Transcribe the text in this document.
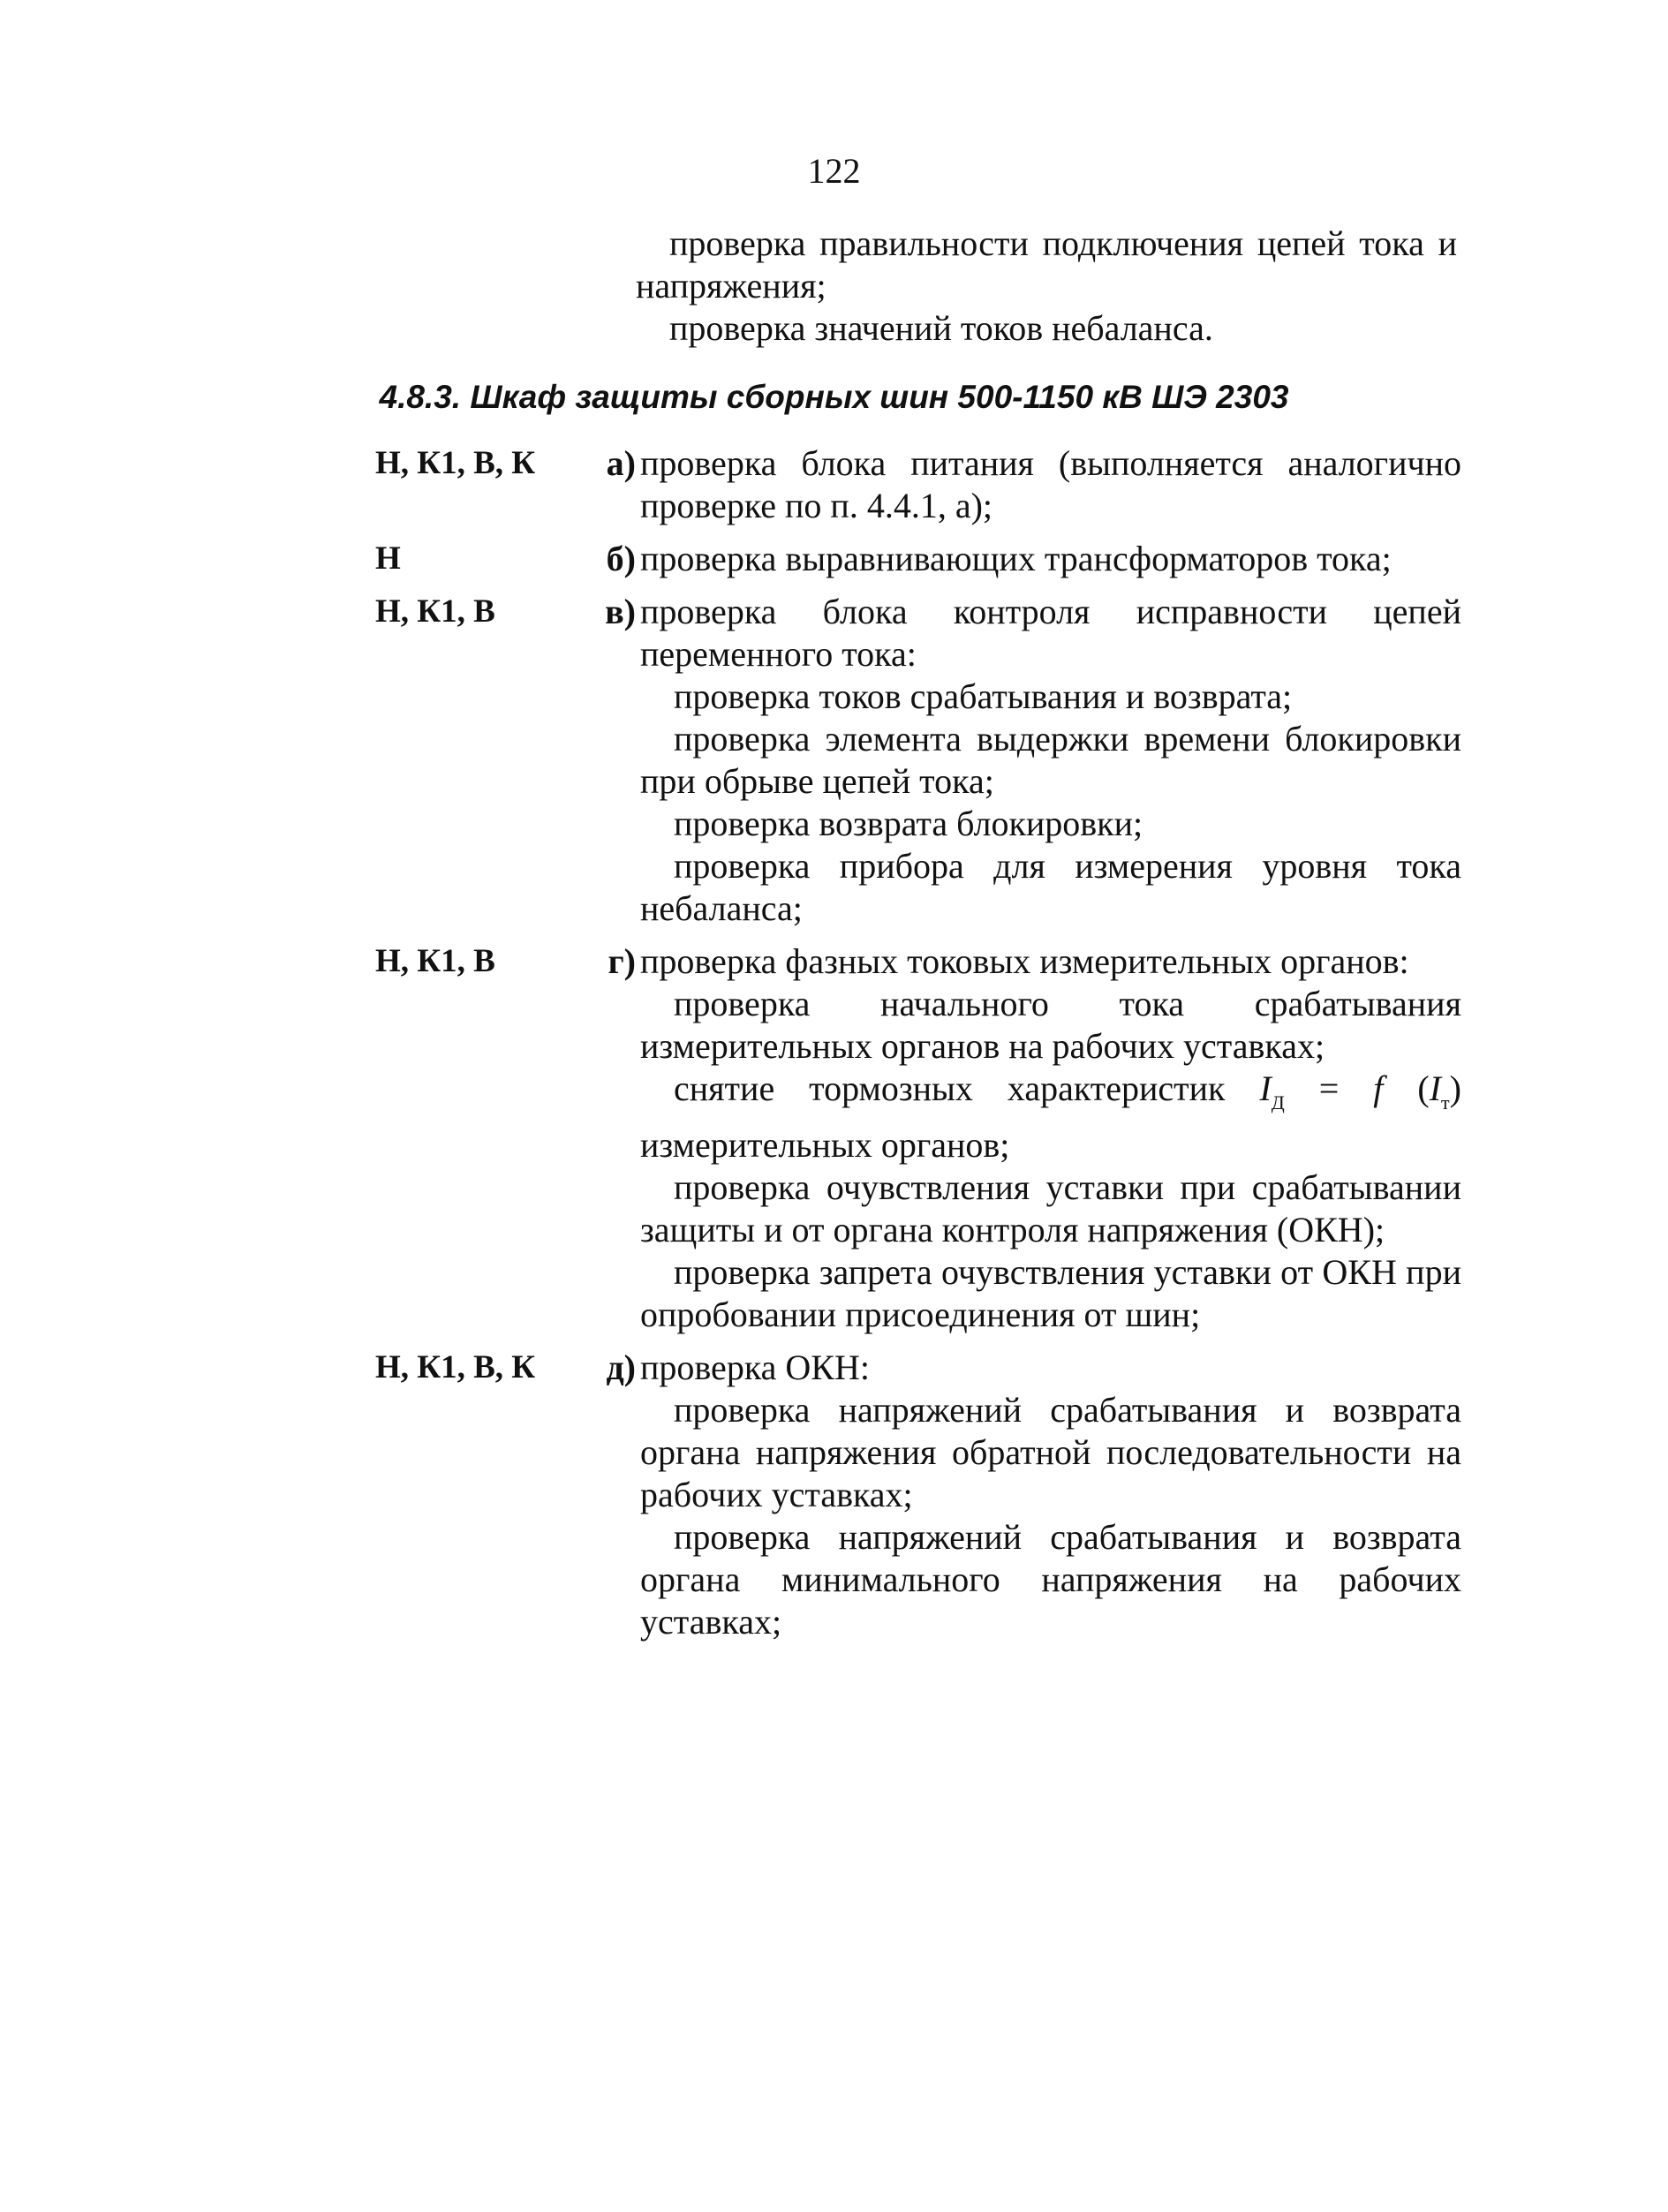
122
проверка правильности подключения цепей тока и напряжения;
проверка значений токов небаланса.
4.8.3. Шкаф защиты сборных шин 500-1150 кВ ШЭ 2303
Н, К1, В, К	а) проверка блока питания (выполняется аналогично проверке по п. 4.4.1, а);

Н	б) проверка выравнивающих трансформаторов тока;

Н, К1, В	в) проверка блока контроля исправности цепей переменного тока:

проверка токов срабатывания и возврата;

проверка элемента выдержки времени блокировки при обрыве цепей тока;

проверка возврата блокировки;

проверка прибора для измерения уровня тока небаланса;

Н, К1, В	г) проверка фазных токовых измерительных органов:

проверка начального тока срабатывания измерительных органов на рабочих уставках;

снятие тормозных характеристик $I_Д = f$ $(I_т)$ измерительных органов;

проверка очувствления уставки при срабатывании защиты и от органа контроля напряжения (ОКН);

проверка запрета очувствления уставки от ОКН при опробовании присоединения от шин;

Н, К1, В, К	д) проверка ОКН:

проверка напряжений срабатывания и возврата органа напряжения обратной последовательности на рабочих уставках;

проверка напряжений срабатывания и возврата органа минимального напряжения на рабочих уставках;
